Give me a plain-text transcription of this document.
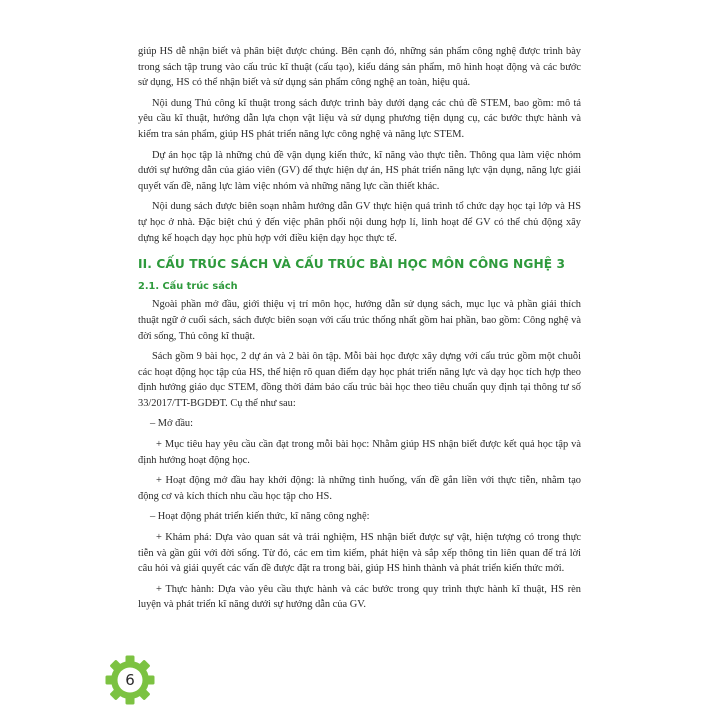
giúp HS dễ nhận biết và phân biệt được chúng. Bên cạnh đó, những sản phẩm công nghệ được trình bày trong sách tập trung vào cấu trúc kĩ thuật (cấu tạo), kiểu dáng sản phẩm, mô hình hoạt động và các bước sử dụng, HS có thể nhận biết và sử dụng sản phẩm công nghệ an toàn, hiệu quả.

Nội dung Thủ công kĩ thuật trong sách được trình bày dưới dạng các chủ đề STEM, bao gồm: mô tả yêu cầu kĩ thuật, hướng dẫn lựa chọn vật liệu và sử dụng phương tiện dụng cụ, các bước thực hành và kiểm tra sản phẩm, giúp HS phát triển năng lực công nghệ và năng lực STEM.

Dự án học tập là những chủ đề vận dụng kiến thức, kĩ năng vào thực tiễn. Thông qua làm việc nhóm dưới sự hướng dẫn của giáo viên (GV) để thực hiện dự án, HS phát triển năng lực vận dụng, năng lực giải quyết vấn đề, năng lực làm việc nhóm và những năng lực cần thiết khác.

Nội dung sách được biên soạn nhằm hướng dẫn GV thực hiện quá trình tổ chức dạy học tại lớp và HS tự học ở nhà. Đặc biệt chú ý đến việc phân phối nội dung hợp lí, linh hoạt để GV có thể chủ động xây dựng kế hoạch dạy học phù hợp với điều kiện dạy học thực tế.

II. CẤU TRÚC SÁCH VÀ CẤU TRÚC BÀI HỌC MÔN CÔNG NGHỆ 3
2.1. Cấu trúc sách

Ngoài phần mở đầu, giới thiệu vị trí môn học, hướng dẫn sử dụng sách, mục lục và phần giải thích thuật ngữ ở cuối sách, sách được biên soạn với cấu trúc thống nhất gồm hai phần, bao gồm: Công nghệ và đời sống, Thủ công kĩ thuật.

Sách gồm 9 bài học, 2 dự án và 2 bài ôn tập. Mỗi bài học được xây dựng với cấu trúc gồm một chuỗi các hoạt động học tập của HS, thể hiện rõ quan điểm dạy học phát triển năng lực và dạy học tích hợp theo định hướng giáo dục STEM, đồng thời đảm bảo cấu trúc bài học theo tiêu chuẩn quy định tại thông tư số 33/2017/TT-BGDĐT. Cụ thể như sau:

– Mở đầu:

+ Mục tiêu hay yêu cầu cần đạt trong mỗi bài học: Nhằm giúp HS nhận biết được kết quả học tập và định hướng hoạt động học.

+ Hoạt động mở đầu hay khởi động: là những tình huống, vấn đề gắn liền với thực tiễn, nhằm tạo động cơ và kích thích nhu cầu học tập cho HS.

– Hoạt động phát triển kiến thức, kĩ năng công nghệ:

+ Khám phá: Dựa vào quan sát và trải nghiệm, HS nhận biết được sự vật, hiện tượng có trong thực tiễn và gần gũi với đời sống. Từ đó, các em tìm kiếm, phát hiện và sắp xếp thông tin liên quan để trả lời câu hỏi và giải quyết các vấn đề được đặt ra trong bài, giúp HS hình thành và phát triển kiến thức mới.

+ Thực hành: Dựa vào yêu cầu thực hành và các bước trong quy trình thực hành kĩ thuật, HS rèn luyện và phát triển kĩ năng dưới sự hướng dẫn của GV.

6
